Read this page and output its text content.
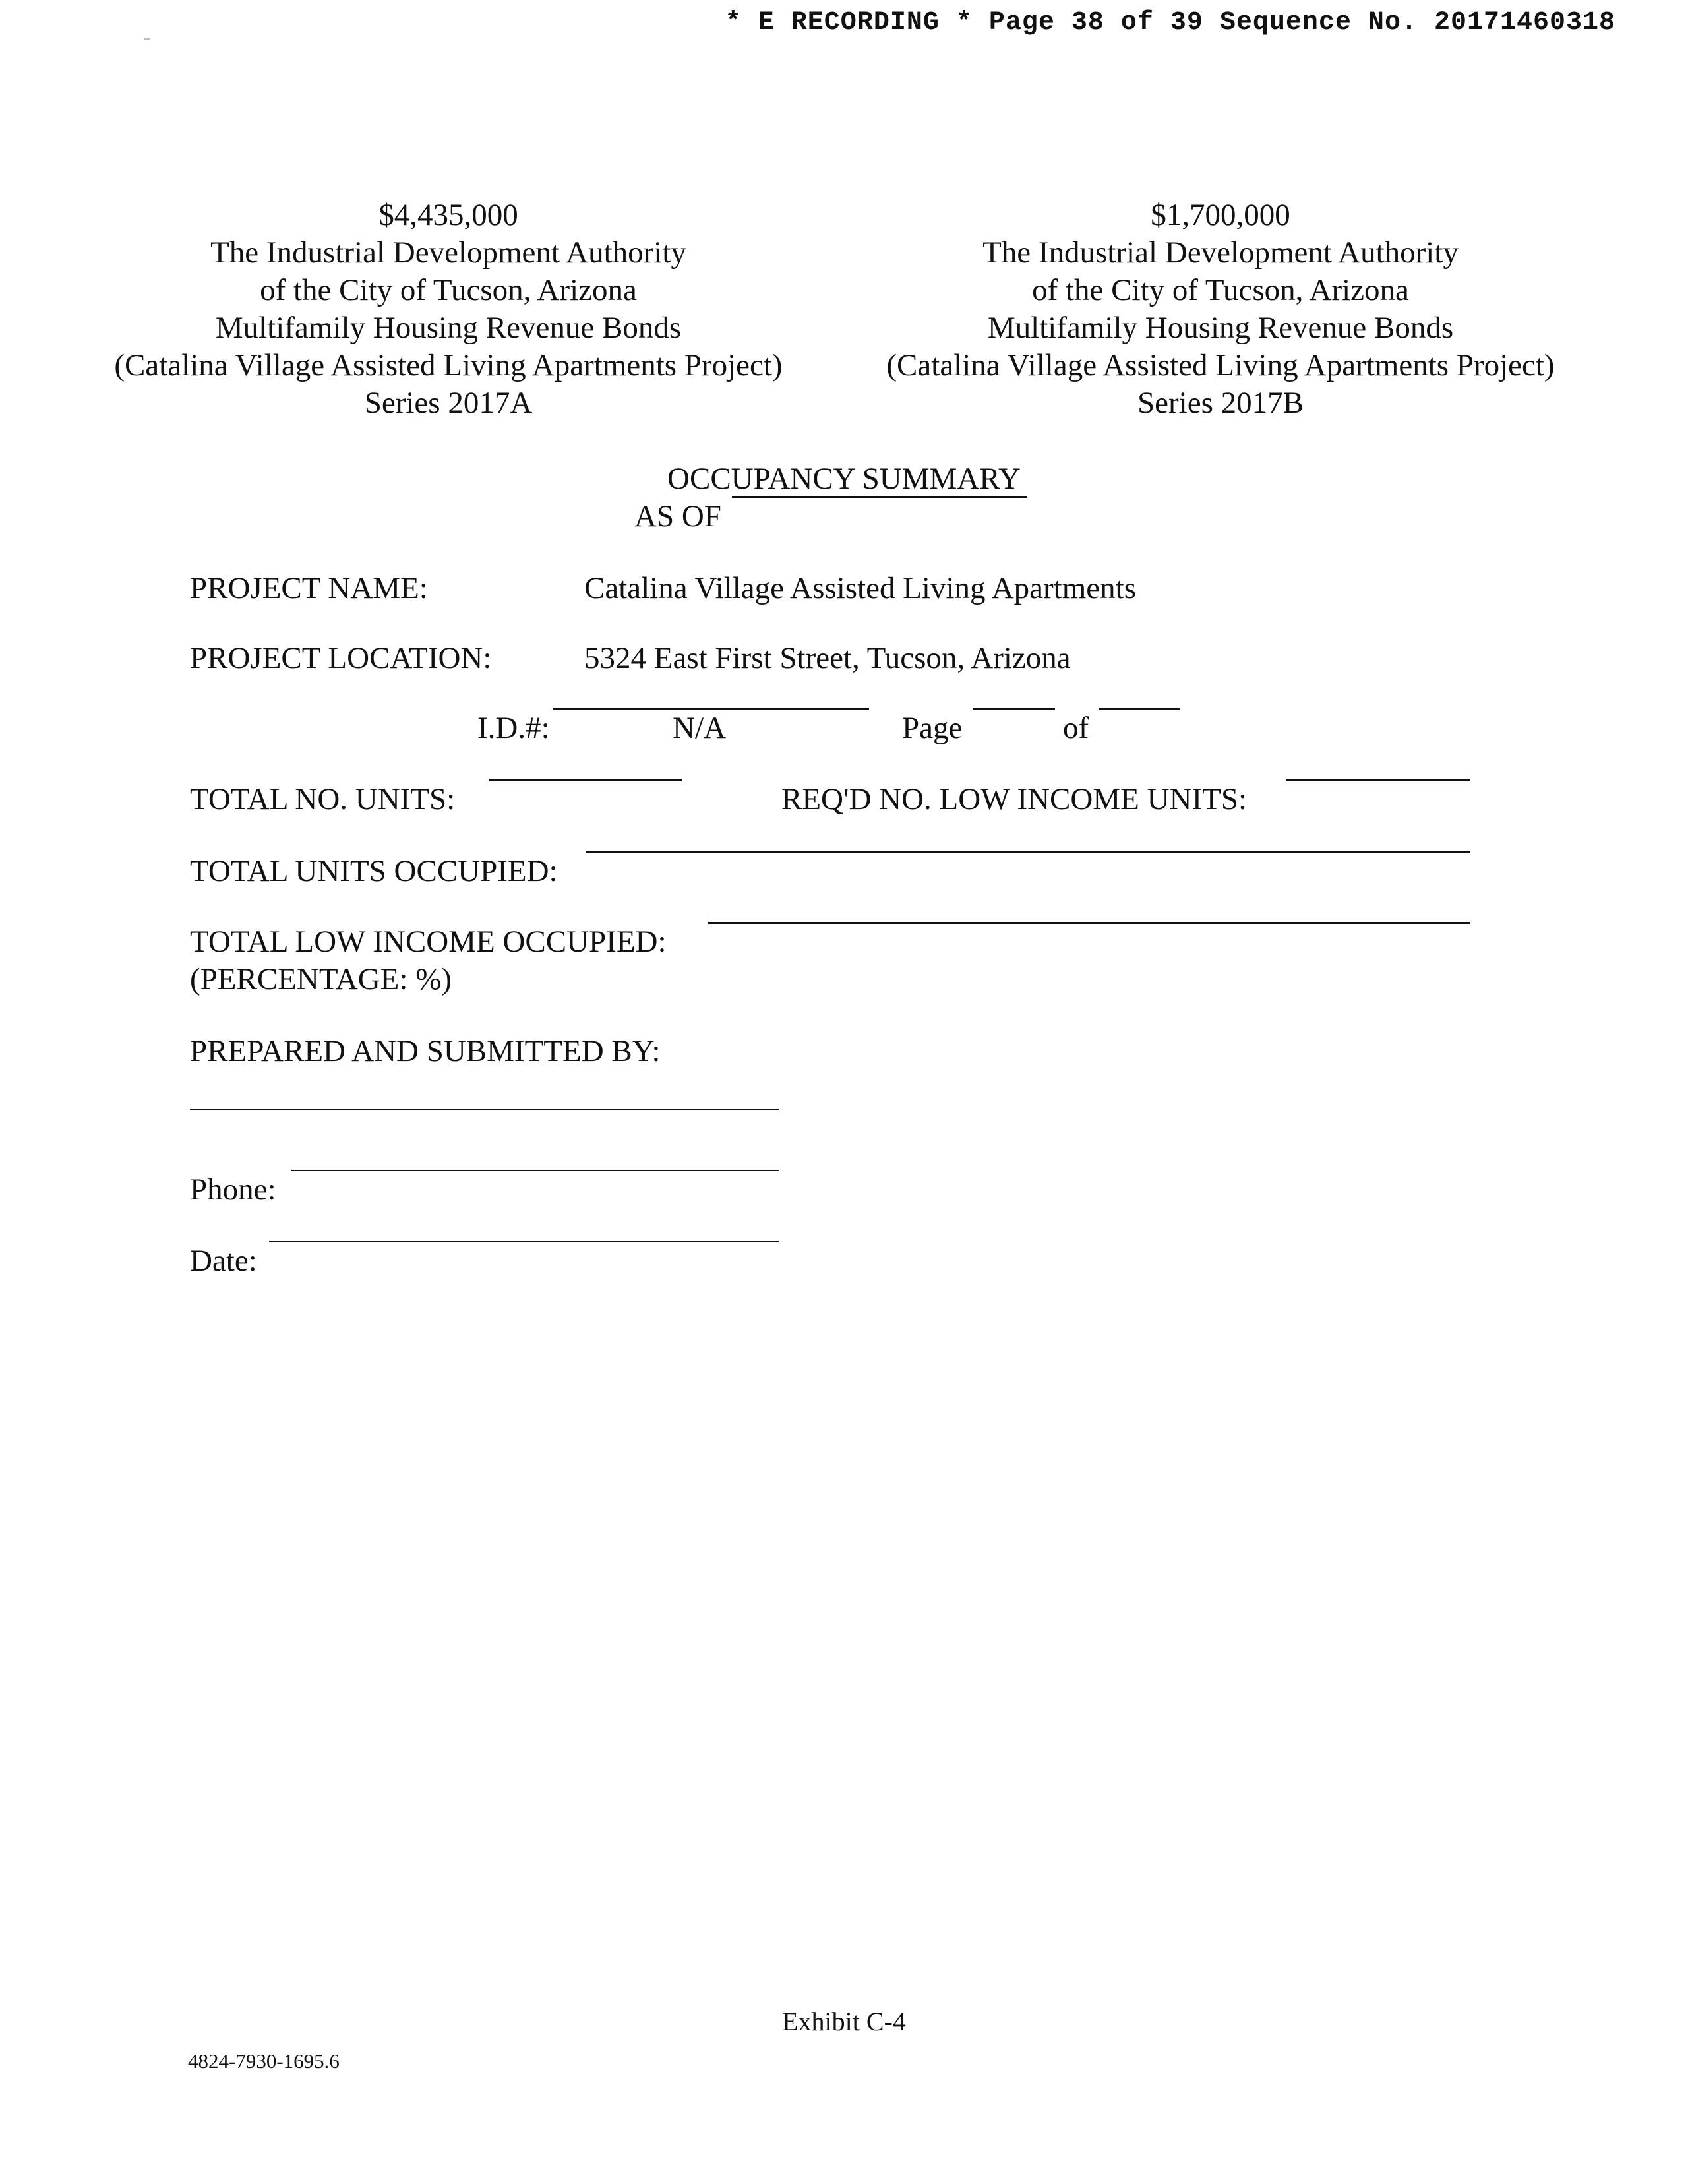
* E RECORDING * Page 38 of 39 Sequence No. 20171460318
$4,435,000
The Industrial Development Authority
of the City of Tucson, Arizona
Multifamily Housing Revenue Bonds
(Catalina Village Assisted Living Apartments Project)
Series 2017A
$1,700,000
The Industrial Development Authority
of the City of Tucson, Arizona
Multifamily Housing Revenue Bonds
(Catalina Village Assisted Living Apartments Project)
Series 2017B
OCCUPANCY SUMMARY
AS OF
PROJECT NAME:	Catalina Village Assisted Living Apartments
PROJECT LOCATION:	5324 East First Street, Tucson, Arizona
I.D.#:	N/A	Page	of
TOTAL NO. UNITS:	REQ'D NO. LOW INCOME UNITS:
TOTAL UNITS OCCUPIED:
TOTAL LOW INCOME OCCUPIED:
(PERCENTAGE: %)
PREPARED AND SUBMITTED BY:
Phone:
Date:
Exhibit C-4
4824-7930-1695.6
